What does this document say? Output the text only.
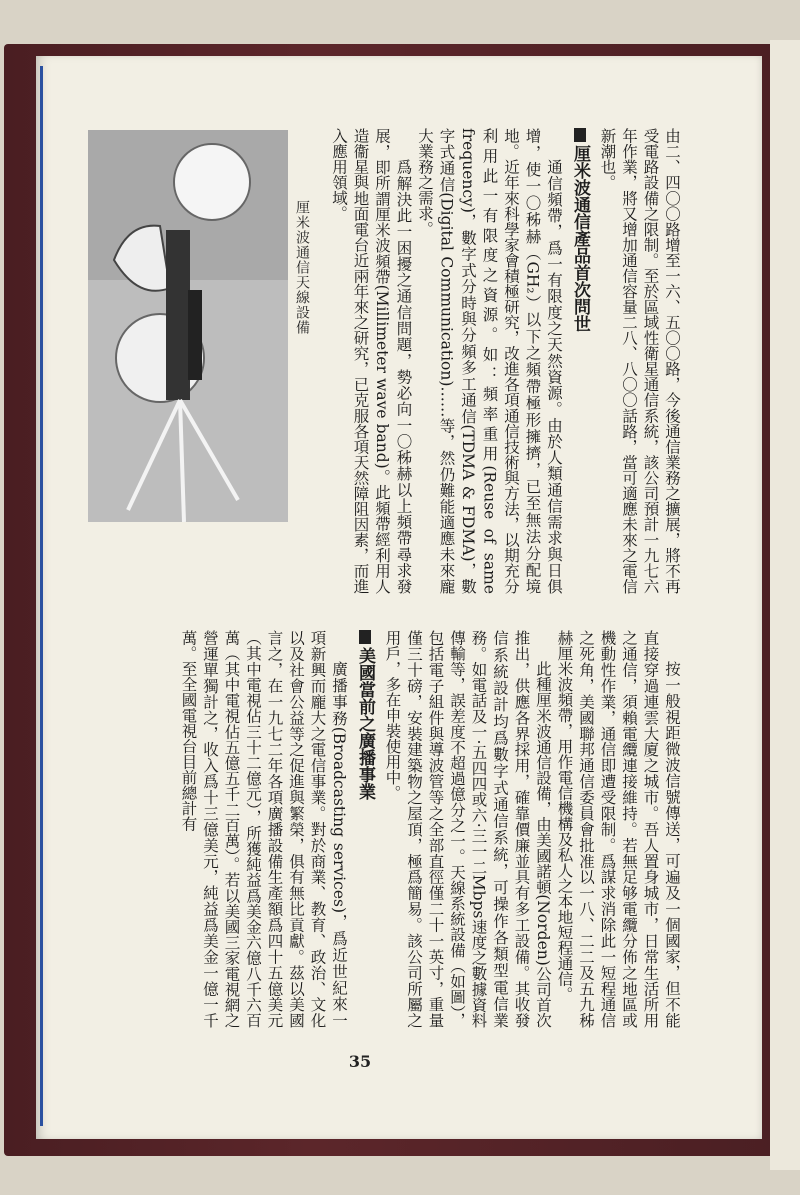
厘米波通信天線設備	由二、四〇〇路增至一六、五〇〇路，今後通信業務之擴展，將不再受電路設備之限制。至於區域性衛星通信系統，該公司預計一九七六年作業，將又增加通信容量二八、八〇〇話路，當可適應未來之電信新潮也。

厘米波通信產品首次問世

通信頻帶，爲一有限度之天然資源。由於人類通信需求與日俱增，使一〇秭赫（GH₂）以下之頻帶極形擁擠，已至無法分配境地。近年來科學家會積極研究，改進各項通信技術與方法，以期充分利用此一有限度之資源。如：頻率重用(Reuse of same frequency)，數字式分時與分頻多工通信(TDMA & FDMA)，數字式通信(Digital Communication)……等，然仍難能適應未來龐大業務之需求。

爲解決此一困擾之通信問題，勢必向一〇秭赫以上頻帶尋求發展，即所謂厘米波頻帶(Millimeter wave band)。此頻帶經利用人造衞星與地面電台近兩年來之研究，已克服各項天然障阻因素，而進入應用領域。

按一般視距微波信號傳送，可遍及一個國家，但不能直接穿過連雲大廈之城市。吾人置身城市，日常生活所用之通信，須賴電纜連接維持。若無足够電纜分佈之地區或機動性作業，通信即遭受限制。爲謀求消除此一短程通信之死角，美國聯邦通信委員會批准以一八、二二及五九秭赫厘米波頻帶，用作電信機構及私人之本地短程通信。

此種厘米波通信設備，由美國諾頓(Norden)公司首次推出，供應各界採用，確靠價廉並具有多工設備。其收發信系統設計均爲數字式通信系統，可操作各類型電信業務。如電話及一·五四四或六·三一二Mbps速度之數據資料傳輸等，誤差度不超過億分之一。天線系統設備（如圖），包括電子組件與導波管等之全部直徑僅二十一英寸，重量僅三十磅，安裝建築物之屋頂，極爲簡易。該公司所屬之用戶，多在申裝使用中。

美國當前之廣播事業

廣播事務(Broadcasting services)，爲近世紀來一項新興而龐大之電信事業。對於商業、教育、政治、文化以及社會公益等之促進與繁榮，俱有無比貢獻。茲以美國言之，在一九七二年各項廣播設備生產額爲四十五億美元（其中電視佔三十二億元），所獲純益爲美金六億八千六百萬（其中電視佔五億五千二百萬）。若以美國三家電視網之營運單獨計之，收入爲十三億美元，純益爲美金一億一千萬。至全國電視台目前總計有

35
